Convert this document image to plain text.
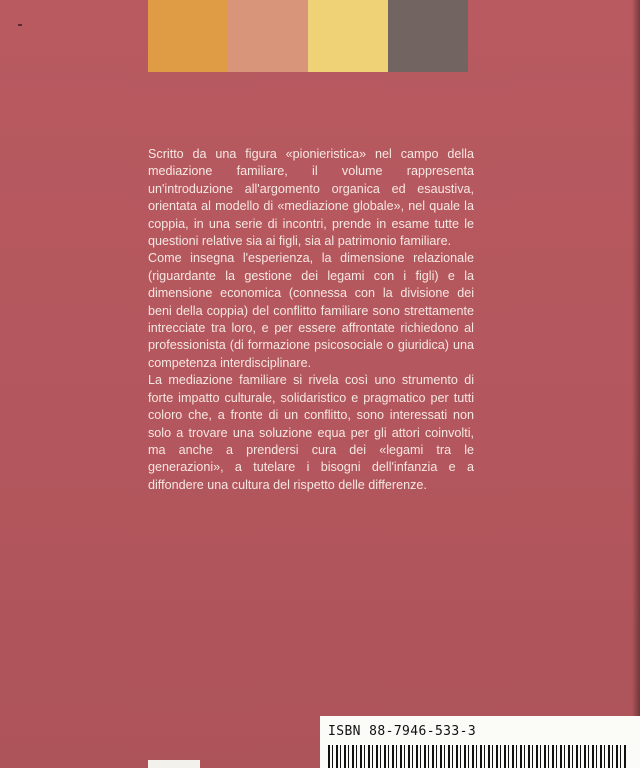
Scritto da una figura «pionieristica» nel campo della mediazione familiare, il volume rappresenta un'introduzione all'argomento organica ed esaustiva, orientata al modello di «mediazione globale», nel quale la coppia, in una serie di incontri, prende in esame tutte le questioni relative sia ai figli, sia al patrimonio familiare.

Come insegna l'esperienza, la dimensione relazionale (riguardante la gestione dei legami con i figli) e la dimensione economica (connessa con la divisione dei beni della coppia) del conflitto familiare sono strettamente intrecciate tra loro, e per essere affrontate richiedono al professionista (di formazione psicosociale o giuridica) una competenza interdisciplinare.

La mediazione familiare si rivela così uno strumento di forte impatto culturale, solidaristico e pragmatico per tutti coloro che, a fronte di un conflitto, sono interessati non solo a trovare una soluzione equa per gli attori coinvolti, ma anche a prendersi cura dei «legami tra le generazioni», a tutelare i bisogni dell'infanzia e a diffondere una cultura del rispetto delle differenze.

ISBN 88-7946-533-3
